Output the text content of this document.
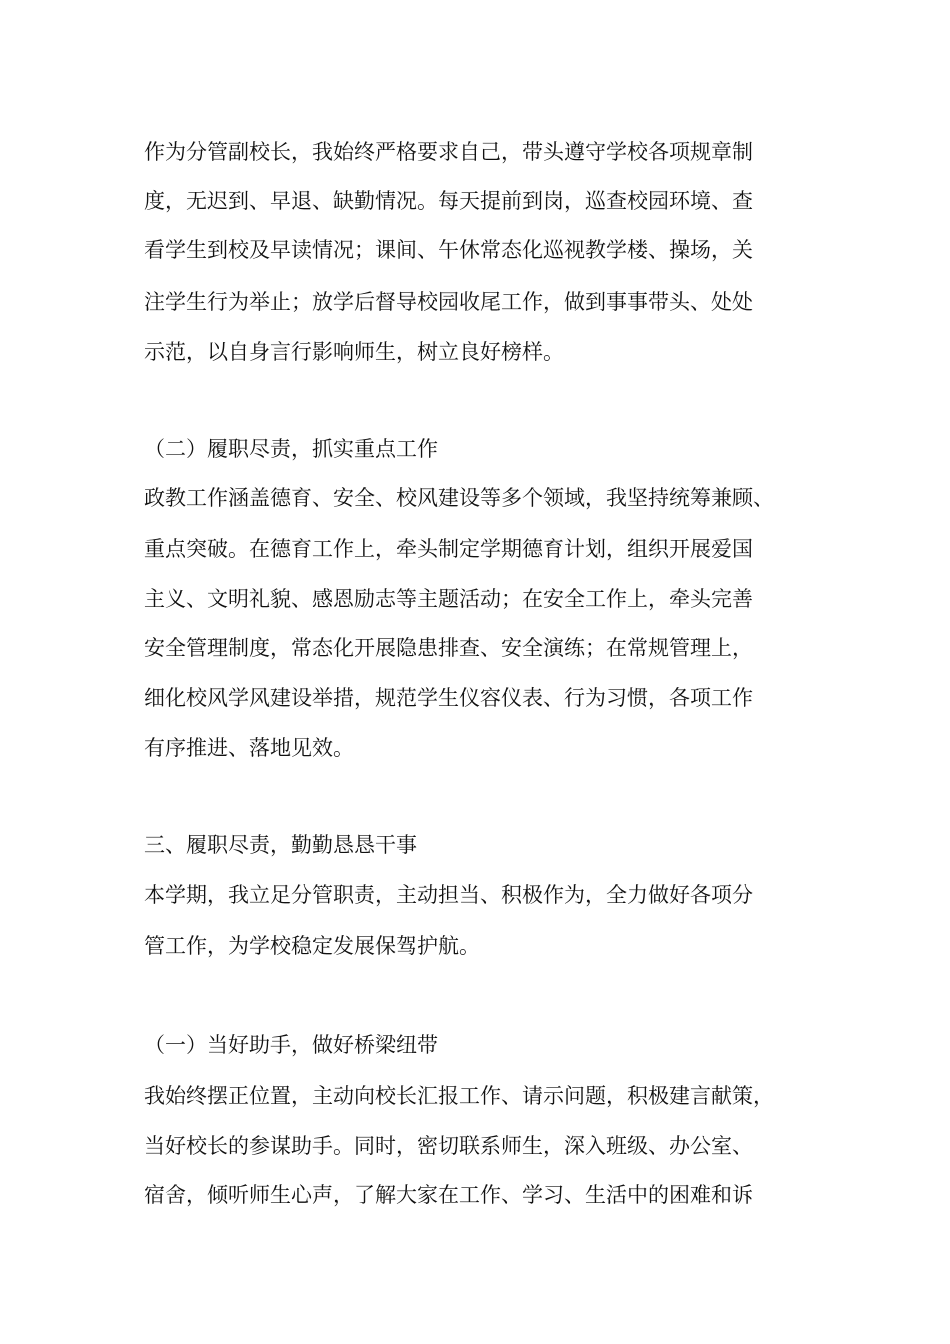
作为分管副校长，我始终严格要求自己，带头遵守学校各项规章制
度，无迟到、早退、缺勤情况。每天提前到岗，巡查校园环境、查
看学生到校及早读情况；课间、午休常态化巡视教学楼、操场，关
注学生行为举止；放学后督导校园收尾工作，做到事事带头、处处
示范，以自身言行影响师生，树立良好榜样。
（二）履职尽责，抓实重点工作
政教工作涵盖德育、安全、校风建设等多个领域，我坚持统筹兼顾、
重点突破。在德育工作上，牵头制定学期德育计划，组织开展爱国
主义、文明礼貌、感恩励志等主题活动；在安全工作上，牵头完善
安全管理制度，常态化开展隐患排查、安全演练；在常规管理上，
细化校风学风建设举措，规范学生仪容仪表、行为习惯，各项工作
有序推进、落地见效。
三、履职尽责，勤勤恳恳干事
本学期，我立足分管职责，主动担当、积极作为，全力做好各项分
管工作，为学校稳定发展保驾护航。
（一）当好助手，做好桥梁纽带
我始终摆正位置，主动向校长汇报工作、请示问题，积极建言献策，
当好校长的参谋助手。同时，密切联系师生，深入班级、办公室、
宿舍，倾听师生心声，了解大家在工作、学习、生活中的困难和诉
